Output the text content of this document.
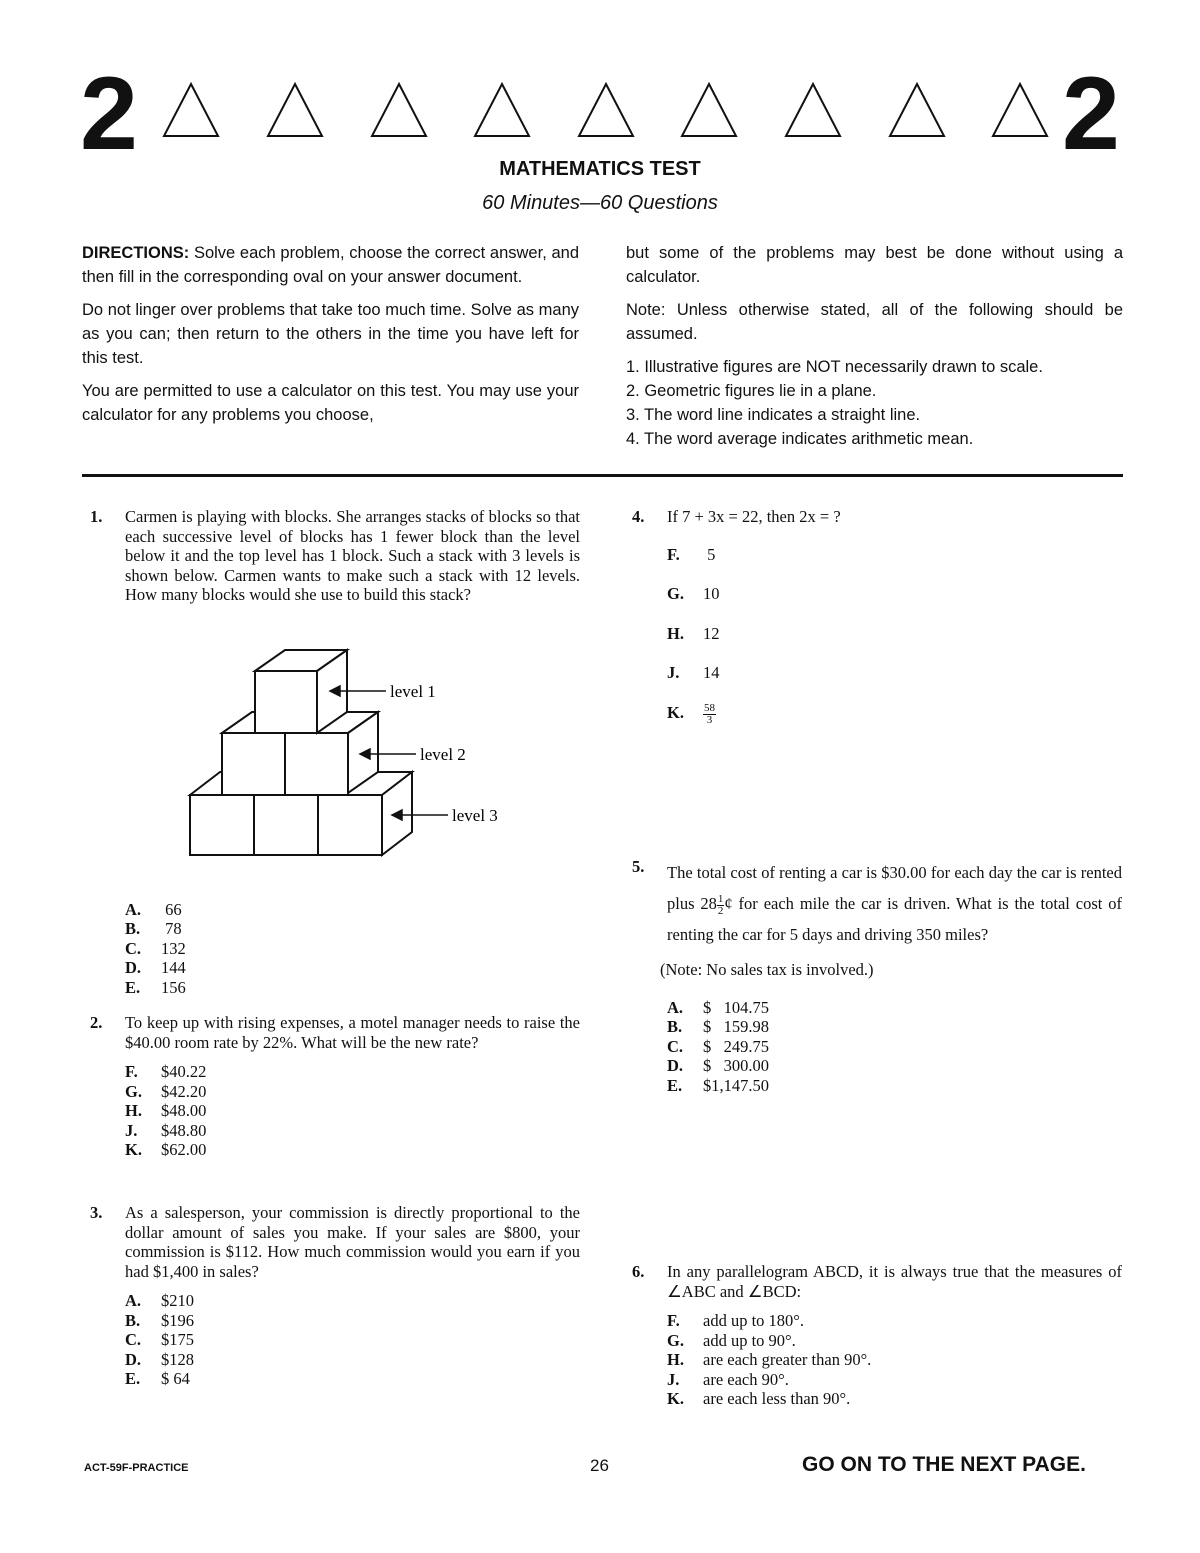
2	2
MATHEMATICS TEST
60 Minutes—60 Questions

DIRECTIONS: Solve each problem, choose the correct answer, and then fill in the corresponding oval on your answer document.

Do not linger over problems that take too much time. Solve as many as you can; then return to the others in the time you have left for this test.

You are permitted to use a calculator on this test. You may use your calculator for any problems you choose,

but some of the problems may best be done without using a calculator.

Note: Unless otherwise stated, all of the following should be assumed.

1. Illustrative figures are NOT necessarily drawn to scale.
2. Geometric figures lie in a plane.
3. The word line indicates a straight line.
4. The word average indicates arithmetic mean.
1. Carmen is playing with blocks. She arranges stacks of blocks so that each successive level of blocks has 1 fewer block than the level below it and the top level has 1 block. Such a stack with 3 levels is shown below. Carmen wants to make such a stack with 12 levels. How many blocks would she use to build this stack?
A.	66
B.	78
C.	132
D.	144
E.	156
level 1
level 2
level 3
2. To keep up with rising expenses, a motel manager needs to raise the $40.00 room rate by 22%. What will be the new rate?
F.	$40.22
G.	$42.20
H.	$48.00
J.	$48.80
K.	$62.00
3. As a salesperson, your commission is directly proportional to the dollar amount of sales you make. If your sales are $800, your commission is $112. How much commission would you earn if you had $1,400 in sales?
A.	$210
B.	$196
C.	$175
D.	$128
E.	$ 64
4. If 7 + 3x = 22, then 2x = ?
F.	5
G.	10
H.	12
J.	14
K.	$\frac{58}{3}$
5. The total cost of renting a car is $30.00 for each day the car is rented plus $28 \frac{1}{2}$ ¢ for each mile the car is driven. What is the total cost of renting the car for 5 days and driving 350 miles?
(Note: No sales tax is involved.)
A.	$   104.75
B.	$   159.98
C.	$   249.75
D.	$   300.00
E.	$1,147.50
6. In any parallelogram ABCD, it is always true that the measures of ∠ABC and ∠BCD:
F.	add up to 180°.
G.	add up to 90°.
H.	are each greater than 90°.
J.	are each 90°.
K.	are each less than 90°.
ACT-59F-PRACTICE	26	GO ON TO THE NEXT PAGE.
